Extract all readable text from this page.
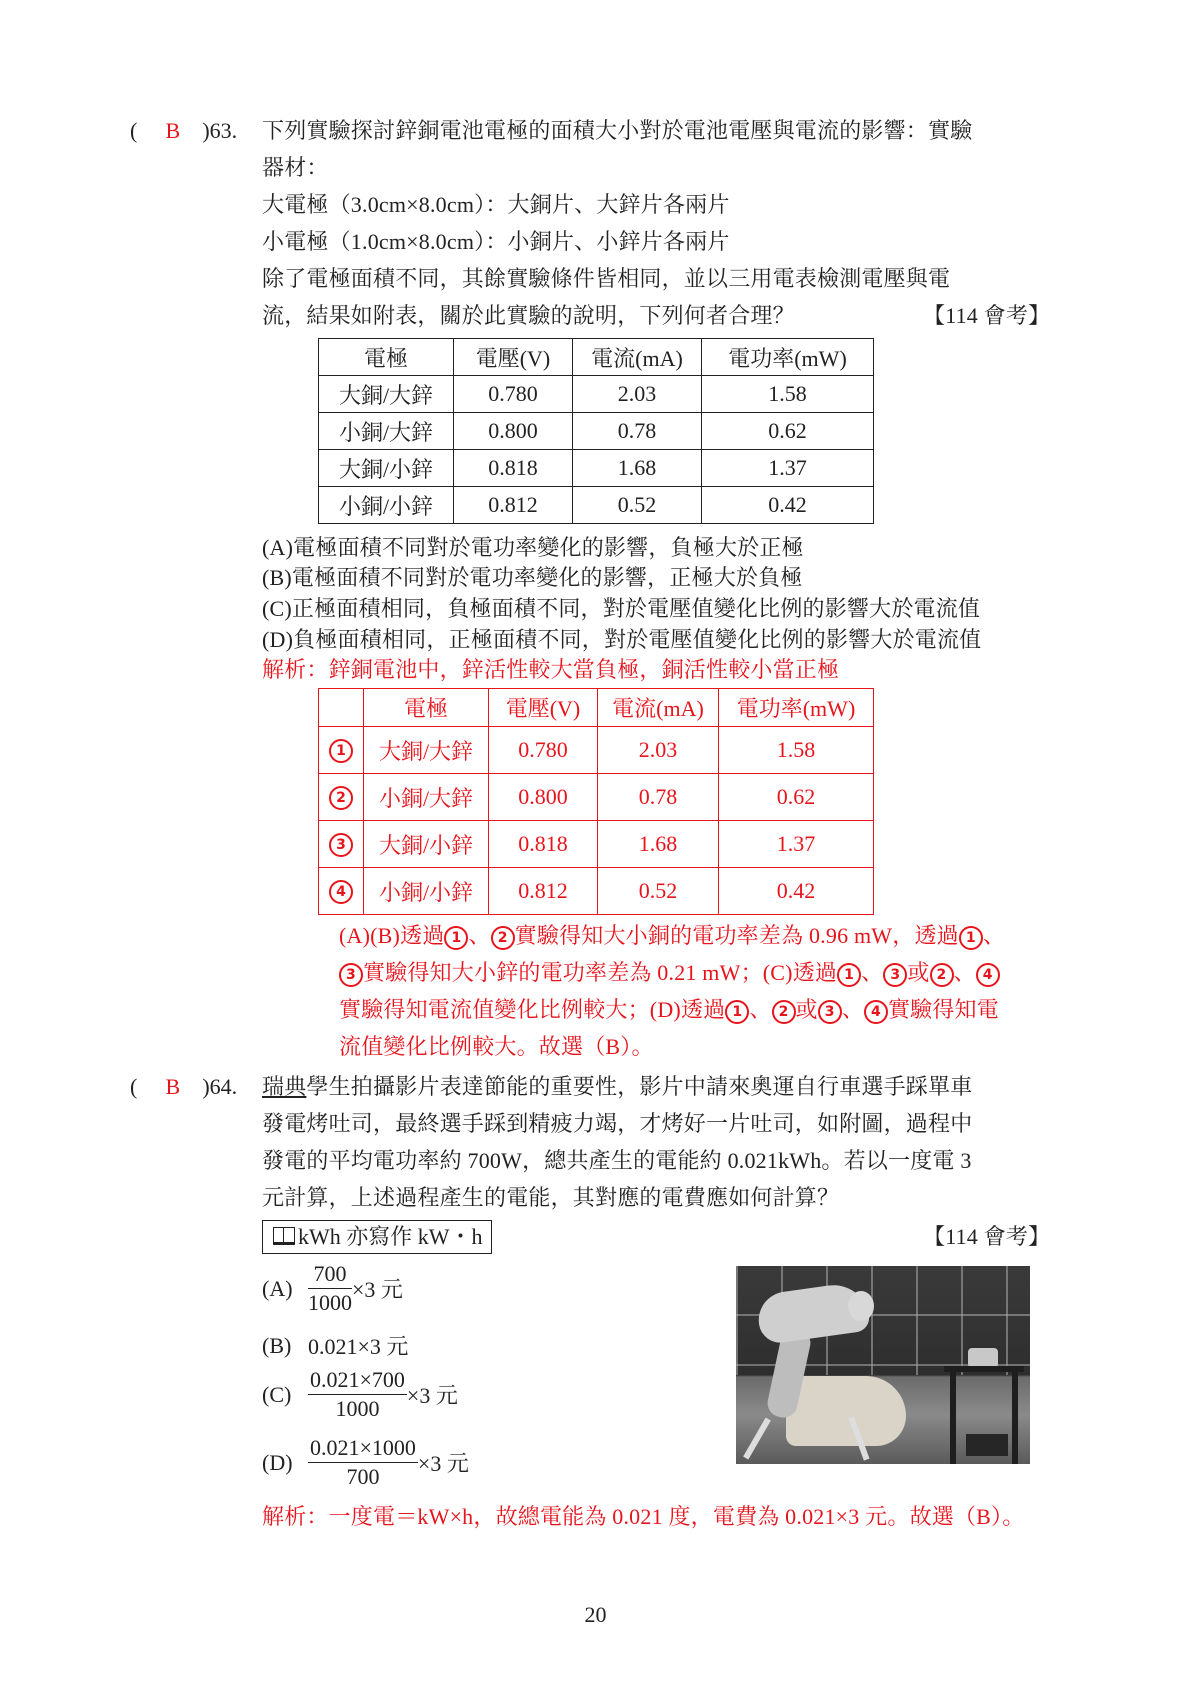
( B )63. 下列實驗探討鋅銅電池電極的面積大小對於電池電壓與電流的影響：實驗
器材：
大電極（3.0cm×8.0cm）：大銅片、大鋅片各兩片
小電極（1.0cm×8.0cm）：小銅片、小鋅片各兩片
除了電極面積不同，其餘實驗條件皆相同，並以三用電表檢測電壓與電
流，結果如附表，關於此實驗的說明，下列何者合理？	【114 會考】
電極	電壓(V)	電流(mA)	電功率(mW)
大銅/大鋅	0.780	2.03	1.58
小銅/大鋅	0.800	0.78	0.62
大銅/小鋅	0.818	1.68	1.37
小銅/小鋅	0.812	0.52	0.42
(A)電極面積不同對於電功率變化的影響，負極大於正極
(B)電極面積不同對於電功率變化的影響，正極大於負極
(C)正極面積相同，負極面積不同，對於電壓值變化比例的影響大於電流值
(D)負極面積相同，正極面積不同，對於電壓值變化比例的影響大於電流值
解析：鋅銅電池中，鋅活性較大當負極，銅活性較小當正極
	電極	電壓(V)	電流(mA)	電功率(mW)
1	大銅/大鋅	0.780	2.03	1.58
2	小銅/大鋅	0.800	0.78	0.62
3	大銅/小鋅	0.818	1.68	1.37
4	小銅/小鋅	0.812	0.52	0.42
(A)(B)透過 1 、 2 實驗得知大小銅的電功率差為 0.96 mW，透過 1 、
3 實驗得知大小鋅的電功率差為 0.21 mW；(C)透過 1 、 3 或 2 、 4
實驗得知電流值變化比例較大；(D)透過 1 、 2 或 3 、 4 實驗得知電
流值變化比例較大。故選（B）。
( B )64. 瑞典學生拍攝影片表達節能的重要性，影片中請來奧運自行車選手踩單車
發電烤吐司，最終選手踩到精疲力竭，才烤好一片吐司，如附圖，過程中
發電的平均電功率約 700W，總共產生的電能約 0.021kWh。若以一度電 3
元計算，上述過程產生的電能，其對應的電費應如何計算？
kWh 亦寫作 kW・h	【114 會考】
$(A) \frac{700}{1000} \times 3$ 元
(B) 0.021×3 元
$(C) \frac{0.021\times 700}{1000} \times 3$ 元
$(D) \frac{0.021\times 1000}{700} \times 3$ 元
解析：一度電＝kW×h，故總電能為 0.021 度，電費為 0.021×3 元。故選（B）。
20
